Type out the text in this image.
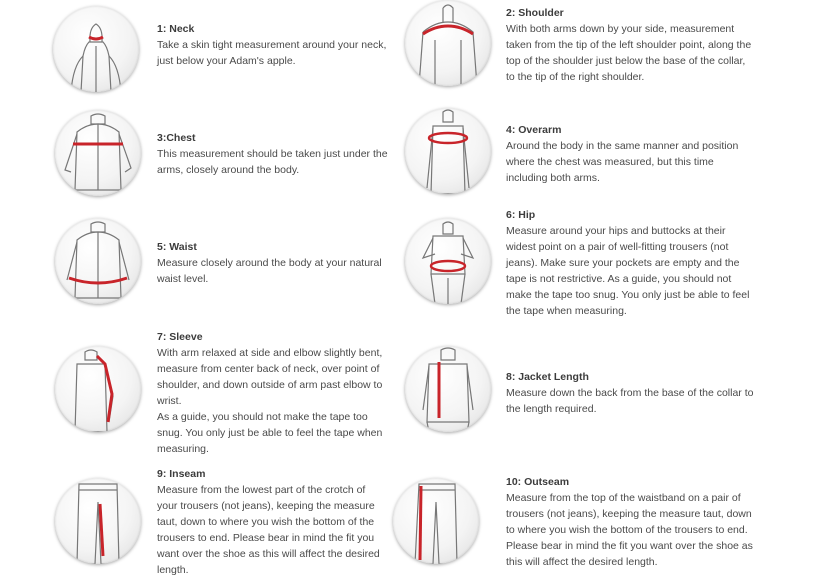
1: Neck
Take a skin tight measurement around your neck,
just below your Adam's apple.
2: Shoulder
With both arms down by your side, measurement
taken from the tip of the left shoulder point, along the
top of the shoulder just below the base of the collar,
to the tip of the right shoulder.
3:Chest
This measurement should be taken just under the
arms, closely around the body.
4: Overarm
Around the body in the same manner and position
where the chest was measured, but this time
including both arms.
5: Waist
Measure closely around the body at your natural
waist level.
6: Hip
Measure around your hips and buttocks at their
widest point on a pair of well-fitting trousers (not
jeans). Make sure your pockets are empty and the
tape is not restrictive. As a guide, you should not
make the tape too snug. You only just be able to feel
the tape when measuring.
7: Sleeve
With arm relaxed at side and elbow slightly bent,
measure from center back of neck, over point of
shoulder, and down outside of arm past elbow to
wrist.
As a guide, you should not make the tape too
snug. You only just be able to feel the tape when
measuring.
8: Jacket Length
Measure down the back from the base of the collar to
the length required.
9: Inseam
Measure from the lowest part of the crotch of
your trousers (not jeans), keeping the measure
taut, down to where you wish the bottom of the
trousers to end. Please bear in mind the fit you
want over the shoe as this will affect the desired
length.
10: Outseam
Measure from the top of the waistband on a pair of
trousers (not jeans), keeping the measure taut, down
to where you wish the bottom of the trousers to end.
Please bear in mind the fit you want over the shoe as
this will affect the desired length.
